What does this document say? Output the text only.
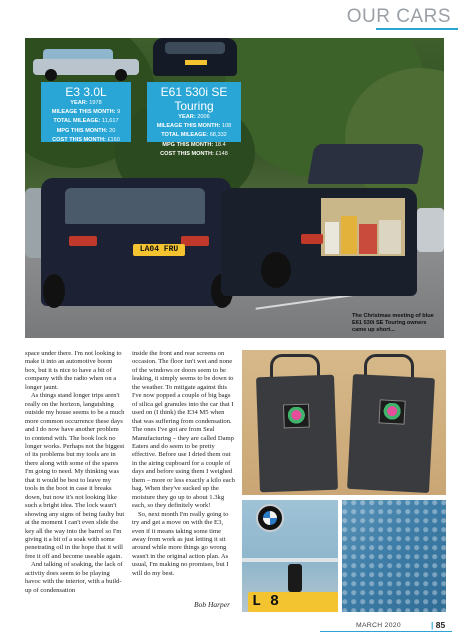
OUR CARS
LA04 FRU
E3 3.0L
YEAR: 1978
MILEAGE THIS MONTH: 9
TOTAL MILEAGE: 11,617
MPG THIS MONTH: 20
COST THIS MONTH: £160
E61 530i SE Touring
YEAR: 2006
MILEAGE THIS MONTH: 108
TOTAL MILEAGE: 68,332
MPG THIS MONTH: 18.4
COST THIS MONTH: £148
The Christmas meeting of blue E61 530i SE Touring owners came up short...

space under there. I'm not looking to make it into an automotive boom box, but it is nice to have a bit of company with the radio when on a longer jaunt.

As things stand longer trips aren't really on the horizon, languishing outside my house seems to be a much more common occurrence these days and I do now have another problem to contend with. The book lock no longer works. Perhaps not the biggest of its problems but my tools are in there along with some of the spares I'm going to need. My thinking was that it would be best to leave my tools in the boot in case it breaks down, but now it's not looking like such a bright idea. The lock wasn't showing any signs of being faulty but at the moment I can't even slide the key all the way into the barrel so I'm giving it a bit of a soak with some penetrating oil in the hope that it will free it off and become useable again.

And talking of soaking, the lack of activity does seem to be playing havoc with the interior, with a build-up of condensation

inside the front and rear screens on occasion. The floor isn't wet and none of the windows or doors seem to be leaking, it simply seems to be down to the weather. To mitigate against this I've now popped a couple of big bags of silica gel granules into the car that I used on (I think) the E34 M5 when that was suffering from condensation. The ones I've got are from Seal Manufacturing – they are called Damp Eaters and do seem to be pretty effective. Before use I dried them out in the airing cupboard for a couple of days and before using them I weighed them – more or less exactly a kilo each bag. When they've sucked up the moisture they go up to about 1.3kg each, so they definitely work!

So, next month I'm really going to try and get a move on with the E3, even if it means taking some time away from work as just letting it sit around while more things go wrong wasn't in the original action plan. As usual, I'm making no promises, but I will do my best.

Bob Harper L 8
MARCH 2020	| 85
